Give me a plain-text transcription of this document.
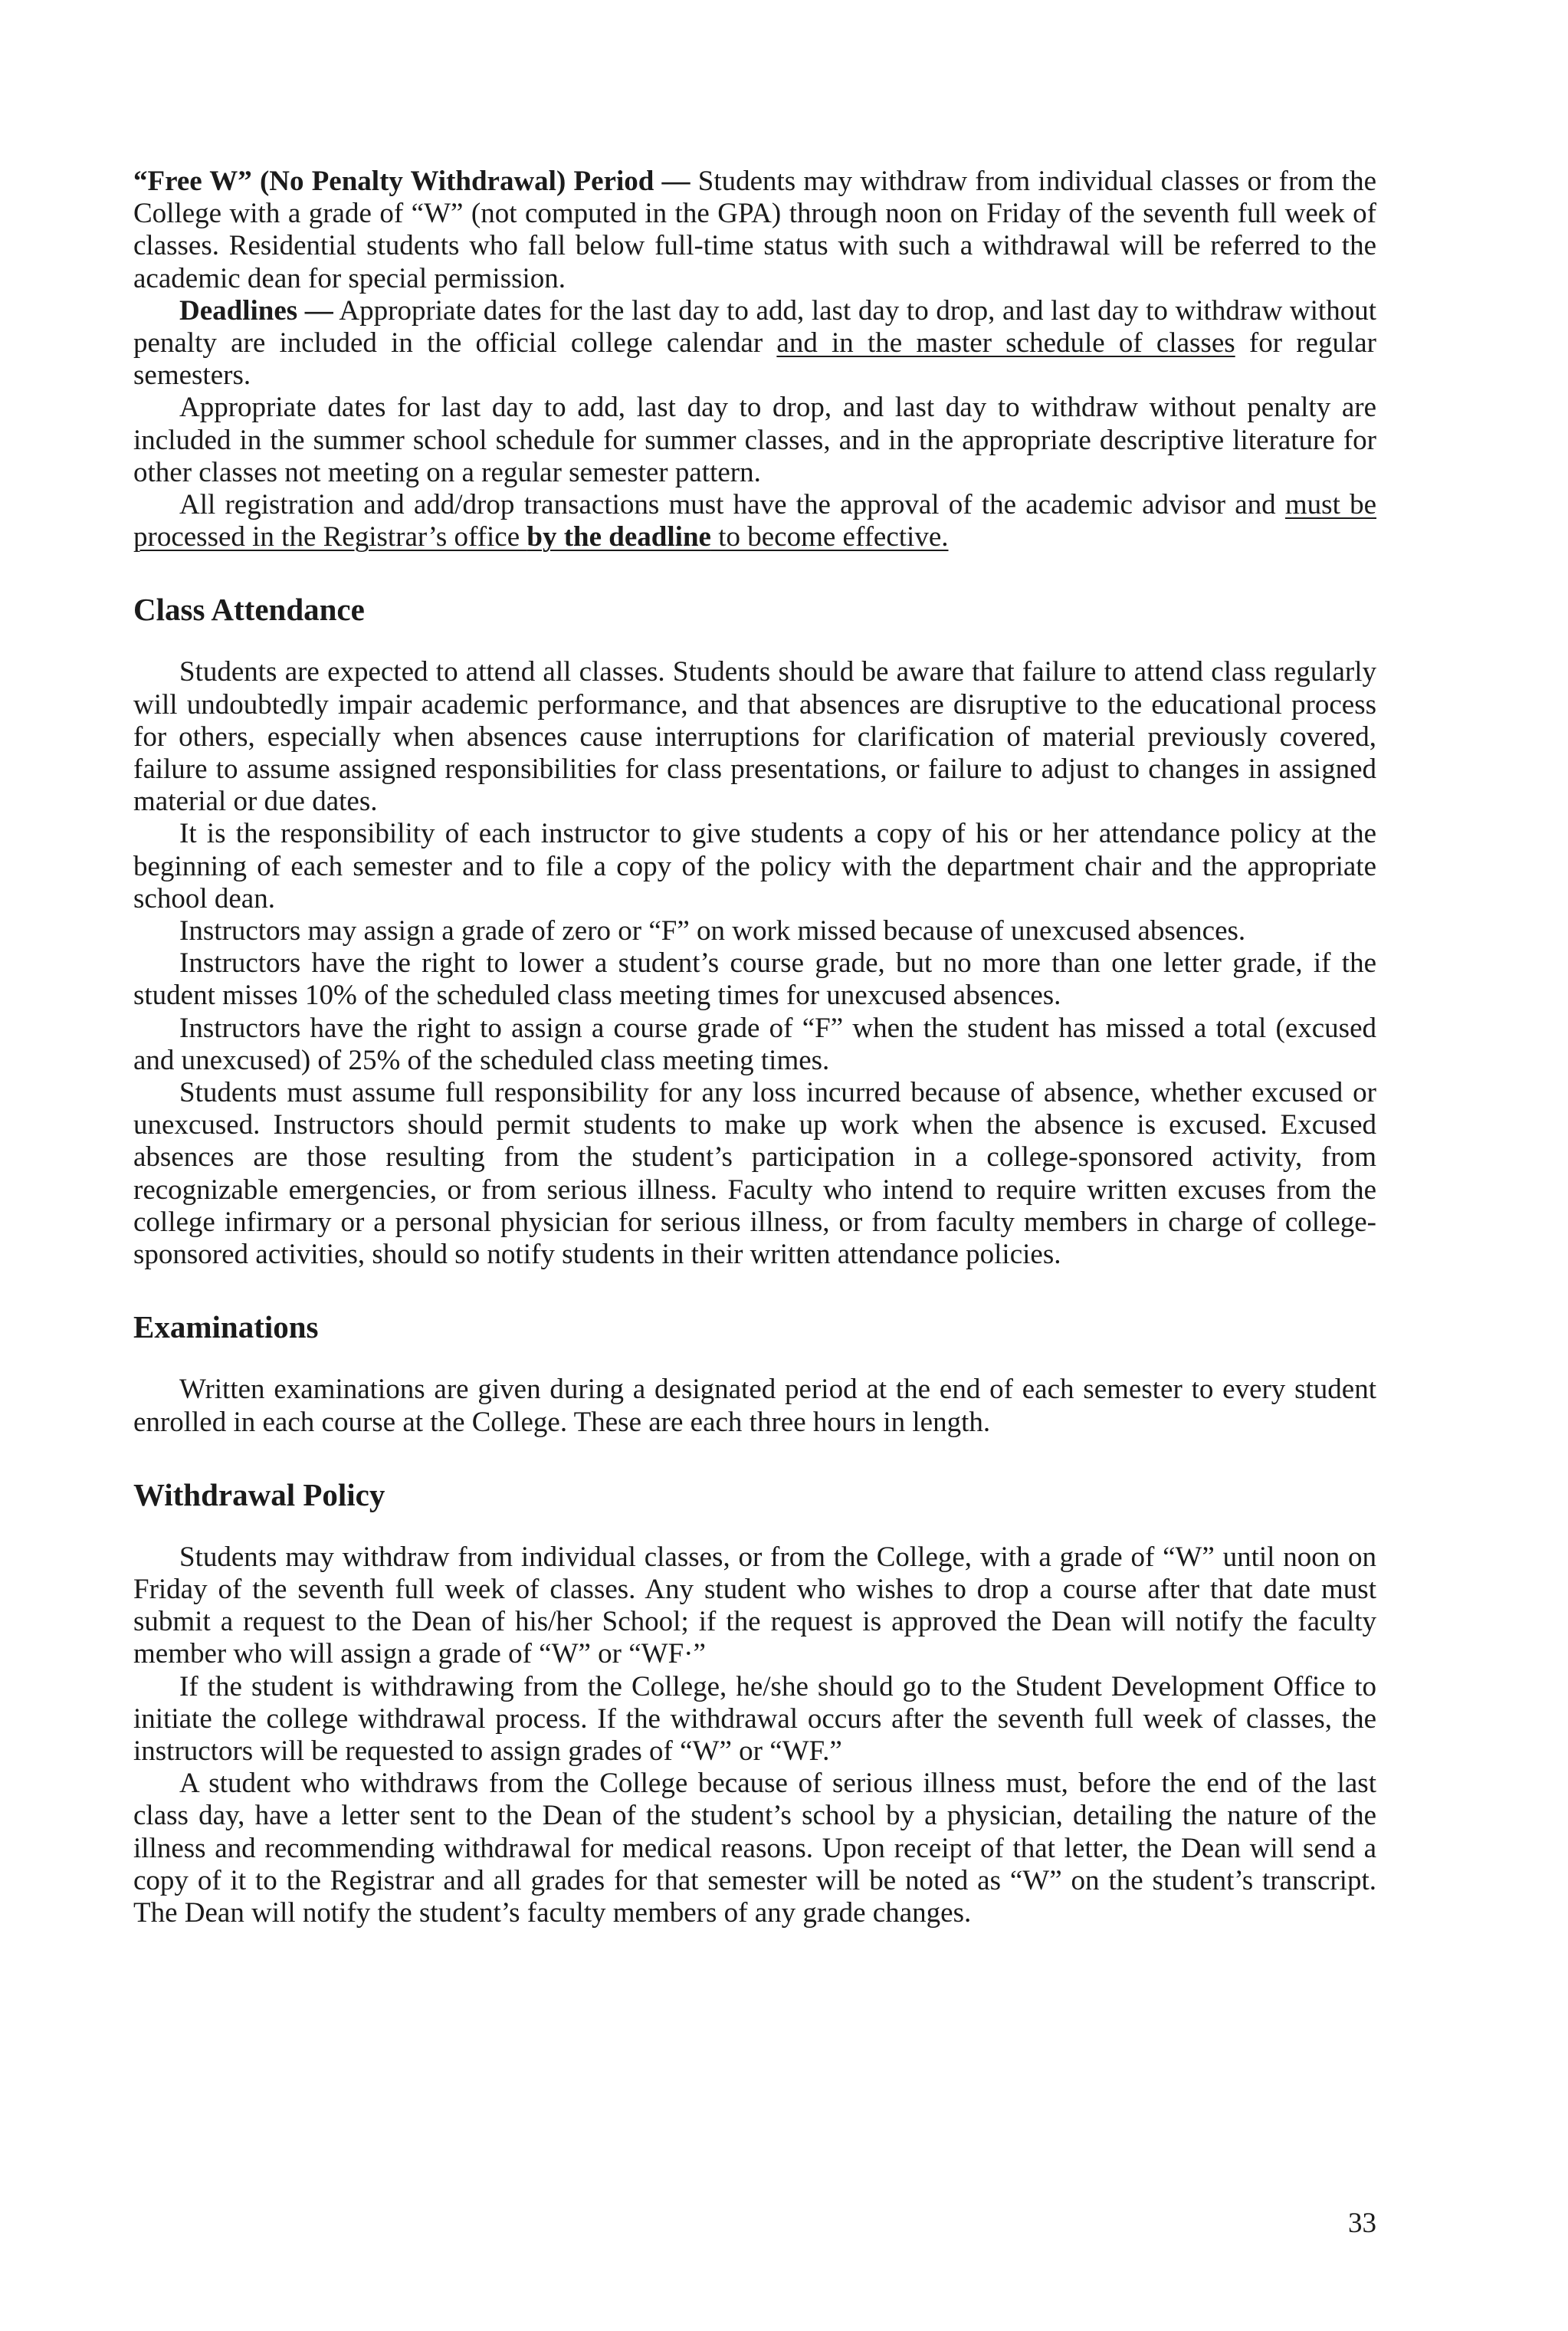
“Free W” (No Penalty Withdrawal) Period — Students may withdraw from individual classes or from the College with a grade of “W” (not computed in the GPA) through noon on Friday of the seventh full week of classes. Residential students who fall below full-time status with such a withdrawal will be referred to the academic dean for special permission.

Deadlines — Appropriate dates for the last day to add, last day to drop, and last day to withdraw without penalty are included in the official college calendar and in the master schedule of classes for regular semesters.

Appropriate dates for last day to add, last day to drop, and last day to withdraw without penalty are included in the summer school schedule for summer classes, and in the appropriate descriptive literature for other classes not meeting on a regular semester pattern.

All registration and add/drop transactions must have the approval of the academic advisor and must be processed in the Registrar’s office by the deadline to become effective.

Class Attendance

Students are expected to attend all classes. Students should be aware that failure to attend class regularly will undoubtedly impair academic performance, and that absences are disruptive to the educational process for others, especially when absences cause interruptions for clarification of material previously covered, failure to assume assigned responsibilities for class presentations, or failure to adjust to changes in assigned material or due dates.

It is the responsibility of each instructor to give students a copy of his or her attendance policy at the beginning of each semester and to file a copy of the policy with the department chair and the appropriate school dean.

Instructors may assign a grade of zero or “F” on work missed because of unexcused absences.

Instructors have the right to lower a student’s course grade, but no more than one letter grade, if the student misses 10% of the scheduled class meeting times for unexcused absences.

Instructors have the right to assign a course grade of “F” when the student has missed a total (excused and unexcused) of 25% of the scheduled class meeting times.

Students must assume full responsibility for any loss incurred because of absence, whether excused or unexcused. Instructors should permit students to make up work when the absence is excused. Excused absences are those resulting from the student’s participation in a college-sponsored activity, from recognizable emergencies, or from serious illness. Faculty who intend to require written excuses from the college infirmary or a personal physician for serious illness, or from faculty members in charge of college-sponsored activities, should so notify students in their written attendance policies.

Examinations

Written examinations are given during a designated period at the end of each semester to every student enrolled in each course at the College. These are each three hours in length.

Withdrawal Policy

Students may withdraw from individual classes, or from the College, with a grade of “W” until noon on Friday of the seventh full week of classes. Any student who wishes to drop a course after that date must submit a request to the Dean of his/her School; if the request is approved the Dean will notify the faculty member who will assign a grade of “W” or “WF·”

If the student is withdrawing from the College, he/she should go to the Student Development Office to initiate the college withdrawal process. If the withdrawal occurs after the seventh full week of classes, the instructors will be requested to assign grades of “W” or “WF.”

A student who withdraws from the College because of serious illness must, before the end of the last class day, have a letter sent to the Dean of the student’s school by a physician, detailing the nature of the illness and recommending withdrawal for medical reasons. Upon receipt of that letter, the Dean will send a copy of it to the Registrar and all grades for that semester will be noted as “W” on the student’s transcript. The Dean will notify the student’s faculty members of any grade changes.

33
